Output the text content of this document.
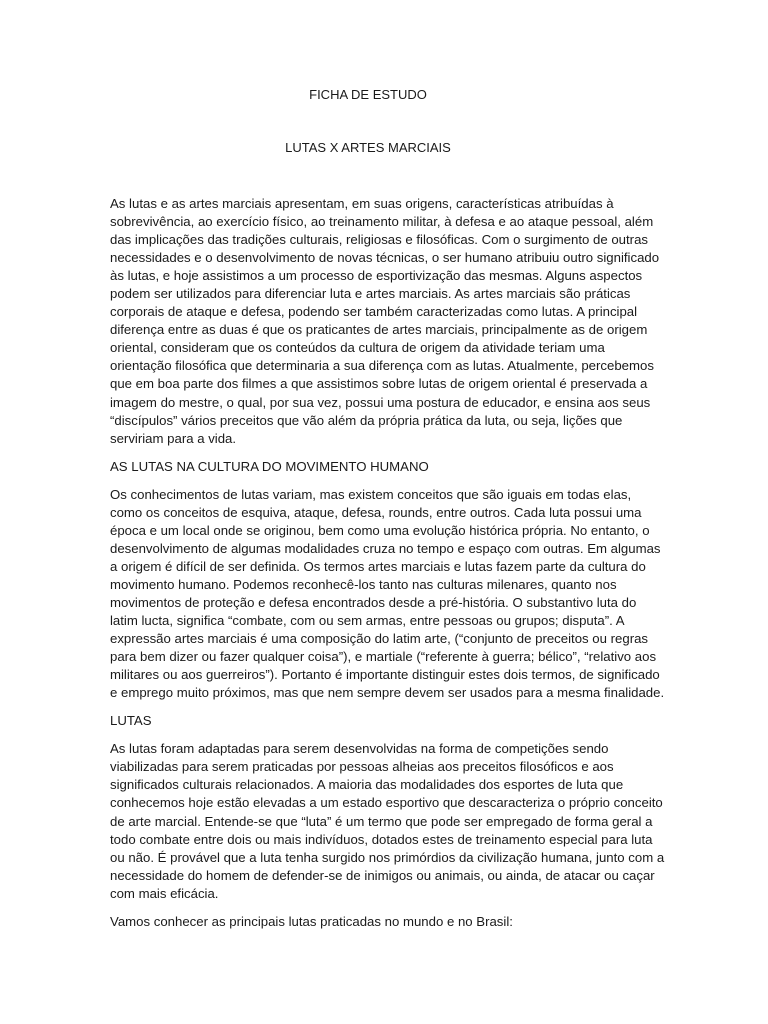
FICHA DE ESTUDO
LUTAS X ARTES MARCIAIS

As lutas e as artes marciais apresentam, em suas origens, características atribuídas à sobrevivência, ao exercício físico, ao treinamento militar, à defesa e ao ataque pessoal, além das implicações das tradições culturais, religiosas e filosóficas. Com o surgimento de outras necessidades e o desenvolvimento de novas técnicas, o ser humano atribuiu outro significado às lutas, e hoje assistimos a um processo de esportivização das mesmas. Alguns aspectos podem ser utilizados para diferenciar luta e artes marciais. As artes marciais são práticas corporais de ataque e defesa, podendo ser também caracterizadas como lutas. A principal diferença entre as duas é que os praticantes de artes marciais, principalmente as de origem oriental, consideram que os conteúdos da cultura de origem da atividade teriam uma orientação filosófica que determinaria a sua diferença com as lutas. Atualmente, percebemos que em boa parte dos filmes a que assistimos sobre lutas de origem oriental é preservada a imagem do mestre, o qual, por sua vez, possui uma postura de educador, e ensina aos seus “discípulos” vários preceitos que vão além da própria prática da luta, ou seja, lições que serviriam para a vida.

AS LUTAS NA CULTURA DO MOVIMENTO HUMANO

Os conhecimentos de lutas variam, mas existem conceitos que são iguais em todas elas, como os conceitos de esquiva, ataque, defesa, rounds, entre outros. Cada luta possui uma época e um local onde se originou, bem como uma evolução histórica própria. No entanto, o desenvolvimento de algumas modalidades cruza no tempo e espaço com outras. Em algumas a origem é difícil de ser definida. Os termos artes marciais e lutas fazem parte da cultura do movimento humano. Podemos reconhecê-los tanto nas culturas milenares, quanto nos movimentos de proteção e defesa encontrados desde a pré-história. O substantivo luta do latim lucta, significa “combate, com ou sem armas, entre pessoas ou grupos; disputa”. A expressão artes marciais é uma composição do latim arte, (“conjunto de preceitos ou regras para bem dizer ou fazer qualquer coisa”), e martiale (“referente à guerra; bélico”, “relativo aos militares ou aos guerreiros”). Portanto é importante distinguir estes dois termos, de significado e emprego muito próximos, mas que nem sempre devem ser usados para a mesma finalidade.

LUTAS

As lutas foram adaptadas para serem desenvolvidas na forma de competições sendo viabilizadas para serem praticadas por pessoas alheias aos preceitos filosóficos e aos significados culturais relacionados. A maioria das modalidades dos esportes de luta que conhecemos hoje estão elevadas a um estado esportivo que descaracteriza o próprio conceito de arte marcial. Entende-se que “luta” é um termo que pode ser empregado de forma geral a todo combate entre dois ou mais indivíduos, dotados estes de treinamento especial para luta ou não. É provável que a luta tenha surgido nos primórdios da civilização humana, junto com a necessidade do homem de defender-se de inimigos ou animais, ou ainda, de atacar ou caçar com mais eficácia.

Vamos conhecer as principais lutas praticadas no mundo e no Brasil:
